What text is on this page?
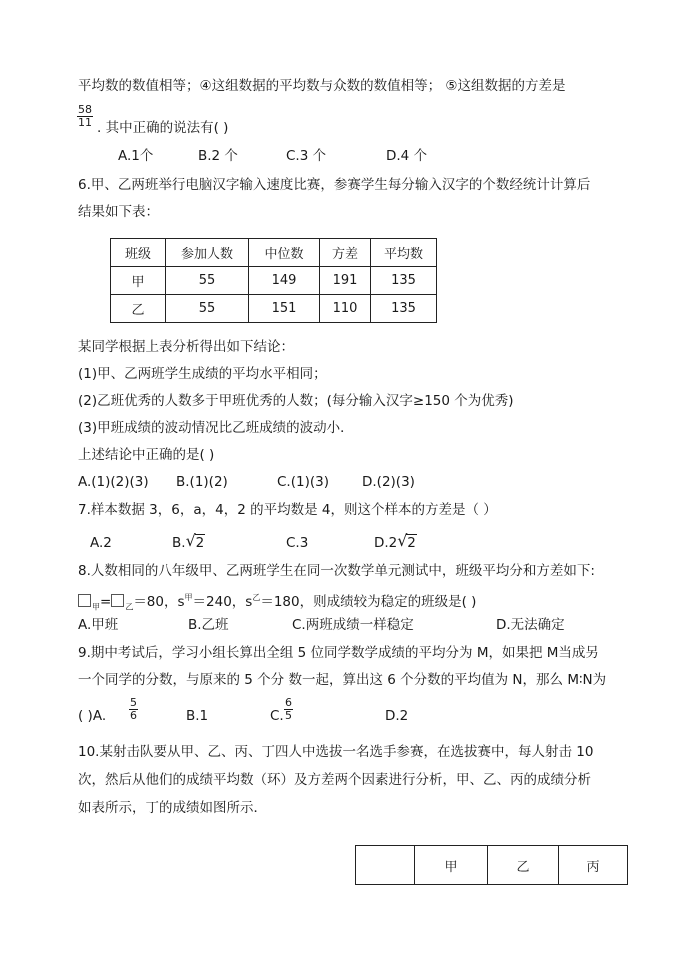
平均数的数值相等；④这组数据的平均数与众数的数值相等； ⑤这组数据的方差是
$\frac{58}{11}$ . 其中正确的说法有( )
A.1个	B.2 个	C.3 个	D.4 个
6.甲、乙两班举行电脑汉字输入速度比赛，参赛学生每分输入汉字的个数经统计计算后
结果如下表：
班级	参加人数	中位数	方差	平均数
甲	55	149	191	135
乙	55	151	110	135
某同学根据上表分析得出如下结论：
(1)甲、乙两班学生成绩的平均水平相同；
(2)乙班优秀的人数多于甲班优秀的人数；(每分输入汉字≥150 个为优秀)
(3)甲班成绩的波动情况比乙班成绩的波动小．
上述结论中正确的是( )
A.(1)(2)(3) B.(1)(2)	C.(1)(3) D.(2)(3)
7.样本数据 3，6，a，4，2 的平均数是 4，则这个样本的方差是（ ）
A.2	B. √ 2	C.3	D.2 √ 2
8.人数相同的八年级甲、乙两班学生在同一次数学单元测试中，班级平均分和方差如下:
$_甲$= $_乙$＝80，$s^甲=240$，$s^乙=180$，则成绩较为稳定的班级是( )
A.甲班	B.乙班	C.两班成绩一样稳定	D.无法确定
9.期中考试后，学习小组长算出全组 5 位同学数学成绩的平均分为 M，如果把 M当成另
一个同学的分数，与原来的 5 个分 数一起，算出这 6 个分数的平均值为 N，那么 M∶N为
( )A. $\frac{5}{6}$	B.1	C. $\frac{6}{5}$	D.2
10.某射击队要从甲、乙、丙、丁四人中选拔一名选手参赛，在选拔赛中，每人射击 10
次，然后从他们的成绩平均数（环）及方差两个因素进行分析，甲、乙、丙的成绩分析
如表所示，丁的成绩如图所示．
	甲	乙	丙
